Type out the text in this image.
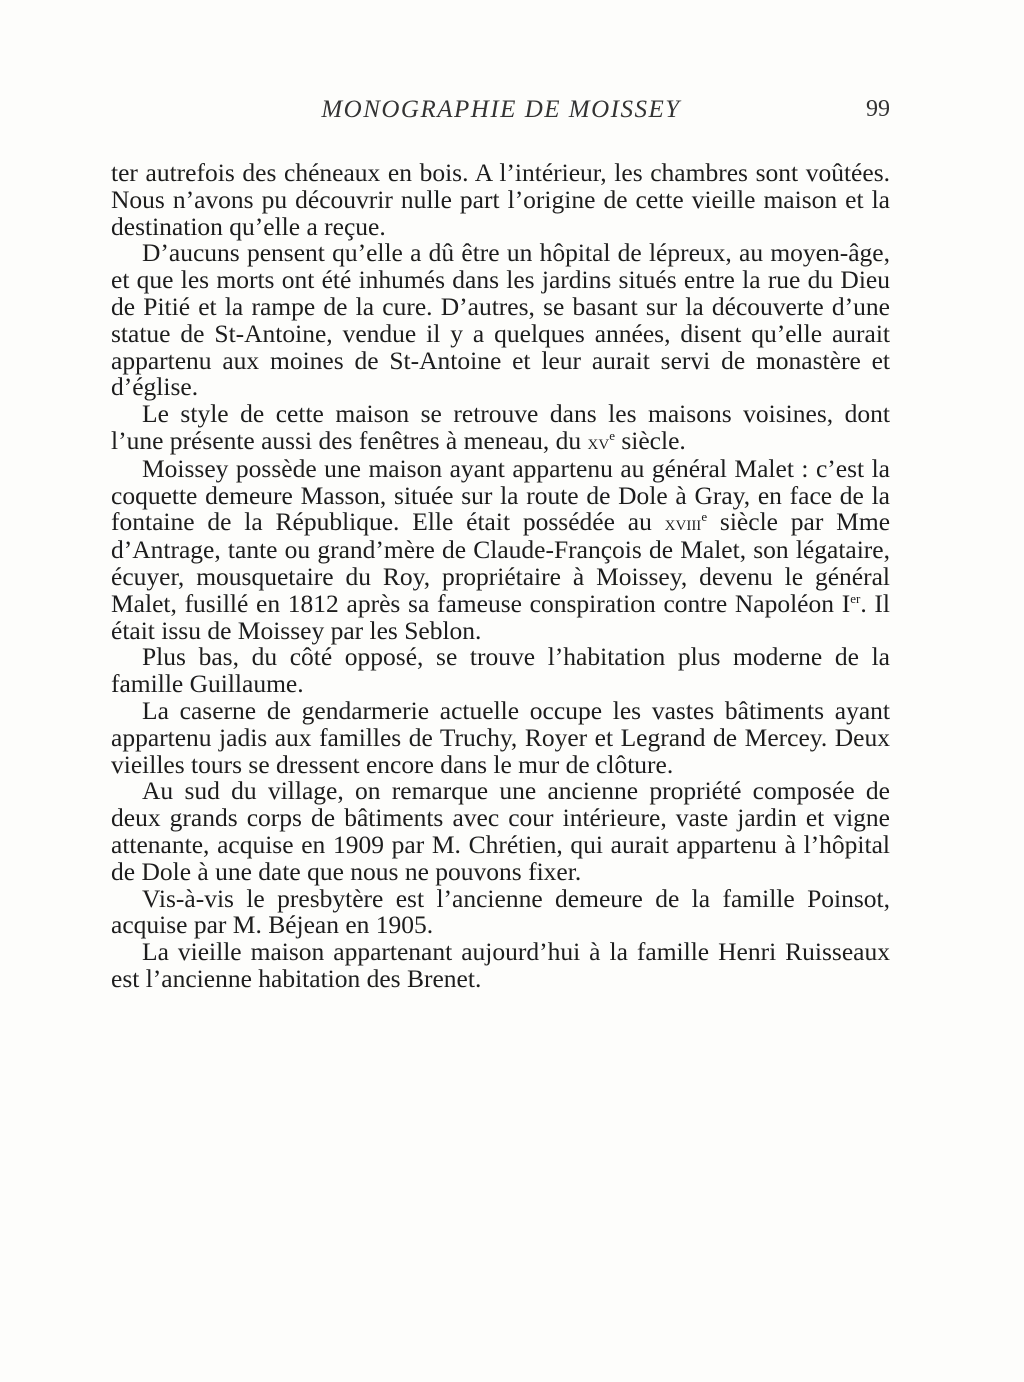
MONOGRAPHIE DE MOISSEY	99

ter autrefois des chéneaux en bois. A l’intérieur, les chambres sont voûtées. Nous n’avons pu découvrir nulle part l’origine de cette vieille maison et la destination qu’elle a reçue.

D’aucuns pensent qu’elle a dû être un hôpital de lépreux, au moyen-âge, et que les morts ont été inhumés dans les jardins situés entre la rue du Dieu de Pitié et la rampe de la cure. D’autres, se basant sur la découverte d’une statue de St-Antoine, vendue il y a quelques années, disent qu’elle aurait appartenu aux moines de St-Antoine et leur aurait servi de monastère et d’église.

Le style de cette maison se retrouve dans les maisons voisines, dont l’une présente aussi des fenêtres à meneau, du $xv^e$ siècle.

Moissey possède une maison ayant appartenu au général Malet : c’est la coquette demeure Masson, située sur la route de Dole à Gray, en face de la fontaine de la République. Elle était possédée au xviii$^e$ siècle par Mme d’Antrage, tante ou grand’mère de Claude-François de Malet, son légataire, écuyer, mousquetaire du Roy, propriétaire à Moissey, devenu le général Malet, fusillé en 1812 après sa fameuse conspiration contre Napoléon Ier. Il était issu de Moissey par les Seblon.

Plus bas, du côté opposé, se trouve l’habitation plus moderne de la famille Guillaume.

La caserne de gendarmerie actuelle occupe les vastes bâtiments ayant appartenu jadis aux familles de Truchy, Royer et Legrand de Mercey. Deux vieilles tours se dressent encore dans le mur de clôture.

Au sud du village, on remarque une ancienne propriété composée de deux grands corps de bâtiments avec cour intérieure, vaste jardin et vigne attenante, acquise en 1909 par M. Chrétien, qui aurait appartenu à l’hôpital de Dole à une date que nous ne pouvons fixer.

Vis-à-vis le presbytère est l’ancienne demeure de la famille Poinsot, acquise par M. Béjean en 1905.

La vieille maison appartenant aujourd’hui à la famille Henri Ruisseaux est l’ancienne habitation des Brenet.
